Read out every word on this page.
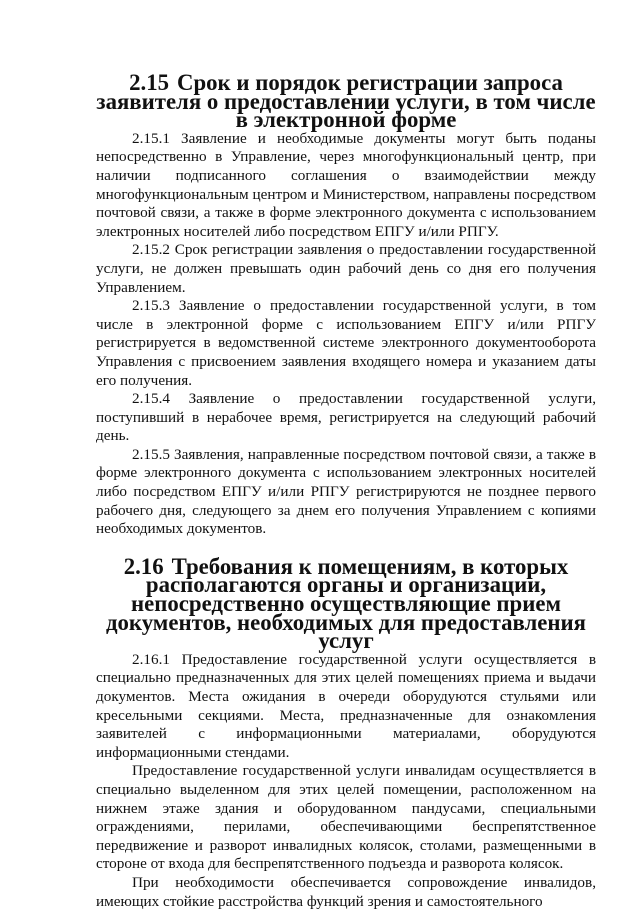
2.15 Срок и порядок регистрации запроса заявителя о предоставлении услуги, в том числе в электронной форме

2.15.1 Заявление и необходимые документы могут быть поданы непосредственно в Управление, через многофункциональный центр, при наличии подписанного соглашения о взаимодействии между многофункциональным центром и Министерством, направлены посредством почтовой связи, а также в форме электронного документа с использованием электронных носителей либо посредством ЕПГУ и/или РПГУ.

2.15.2 Срок регистрации заявления о предоставлении государственной услуги, не должен превышать один рабочий день со дня его получения Управлением.

2.15.3 Заявление о предоставлении государственной услуги, в том числе в электронной форме с использованием ЕПГУ и/или РПГУ регистрируется в ведомственной системе электронного документооборота Управления с присвоением заявления входящего номера и указанием даты его получения.

2.15.4 Заявление о предоставлении государственной услуги, поступивший в нерабочее время, регистрируется на следующий рабочий день.

2.15.5 Заявления, направленные посредством почтовой связи, а также в форме электронного документа с использованием электронных носителей либо посредством ЕПГУ и/или РПГУ регистрируются не позднее первого рабочего дня, следующего за днем его получения Управлением с копиями необходимых документов.

2.16 Требования к помещениям, в которых располагаются органы и организации, непосредственно осуществляющие прием документов, необходимых для предоставления услуг

2.16.1 Предоставление государственной услуги осуществляется в специально предназначенных для этих целей помещениях приема и выдачи документов. Места ожидания в очереди оборудуются стульями или кресельными секциями. Места, предназначенные для ознакомления заявителей с информационными материалами, оборудуются информационными стендами.

Предоставление государственной услуги инвалидам осуществляется в специально выделенном для этих целей помещении, расположенном на нижнем этаже здания и оборудованном пандусами, специальными ограждениями, перилами, обеспечивающими беспрепятственное передвижение и разворот инвалидных колясок, столами, размещенными в стороне от входа для беспрепятственного подъезда и разворота колясок.

При необходимости обеспечивается сопровождение инвалидов, имеющих стойкие расстройства функций зрения и самостоятельного
